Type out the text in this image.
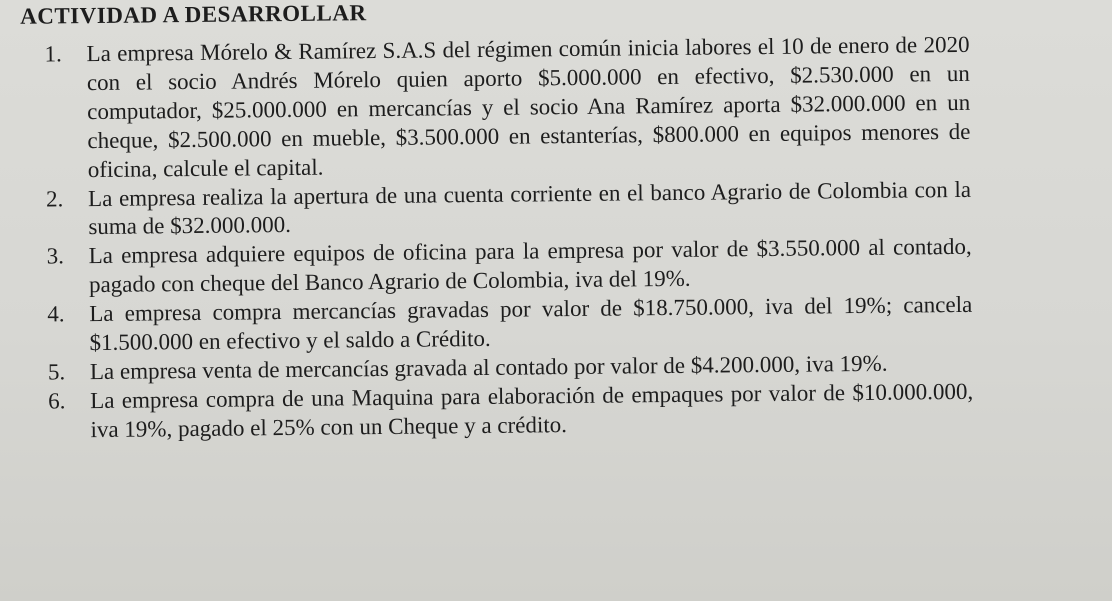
ACTIVIDAD A DESARROLLAR
1. La empresa Mórelo & Ramírez S.A.S del régimen común inicia labores el 10 de enero de 2020 con el socio Andrés Mórelo quien aporto $5.000.000 en efectivo, $2.530.000 en un computador, $25.000.000 en mercancías y el socio Ana Ramírez aporta $32.000.000 en un cheque, $2.500.000 en mueble, $3.500.000 en estanterías, $800.000 en equipos menores de oficina, calcule el capital.
2. La empresa realiza la apertura de una cuenta corriente en el banco Agrario de Colombia con la suma de $32.000.000.
3. La empresa adquiere equipos de oficina para la empresa por valor de $3.550.000 al contado, pagado con cheque del Banco Agrario de Colombia, iva del 19%.
4. La empresa compra mercancías gravadas por valor de $18.750.000, iva del 19%; cancela $1.500.000 en efectivo y el saldo a Crédito.
5. La empresa venta de mercancías gravada al contado por valor de $4.200.000, iva 19%.
6. La empresa compra de una Maquina para elaboración de empaques por valor de $10.000.000, iva 19%, pagado el 25% con un Cheque y a crédito.
